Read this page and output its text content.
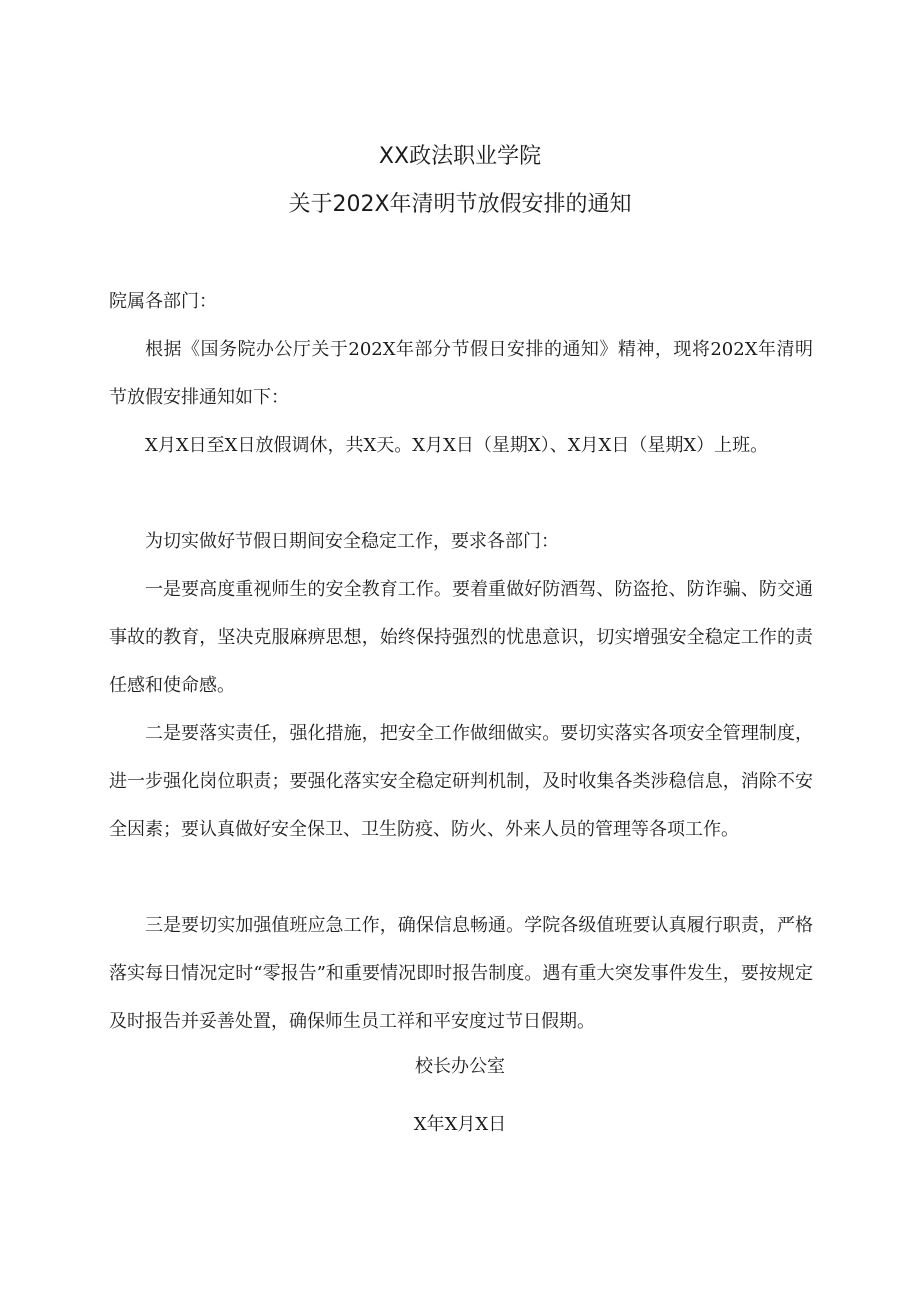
XX政法职业学院
关于202X年清明节放假安排的通知
院属各部门：
根据《国务院办公厅关于202X年部分节假日安排的通知》精神，现将202X年清明节放假安排通知如下：
X月X日至X日放假调休，共X天。X月X日（星期X）、X月X日（星期X）上班。
为切实做好节假日期间安全稳定工作，要求各部门：
一是要高度重视师生的安全教育工作。要着重做好防酒驾、防盗抢、防诈骗、防交通事故的教育，坚决克服麻痹思想，始终保持强烈的忧患意识，切实增强安全稳定工作的责任感和使命感。
二是要落实责任，强化措施，把安全工作做细做实。要切实落实各项安全管理制度，进一步强化岗位职责；要强化落实安全稳定研判机制，及时收集各类涉稳信息，消除不安全因素；要认真做好安全保卫、卫生防疫、防火、外来人员的管理等各项工作。
三是要切实加强值班应急工作，确保信息畅通。学院各级值班要认真履行职责，严格落实每日情况定时“零报告”和重要情况即时报告制度。遇有重大突发事件发生，要按规定及时报告并妥善处置，确保师生员工祥和平安度过节日假期。
校长办公室
X年X月X日
